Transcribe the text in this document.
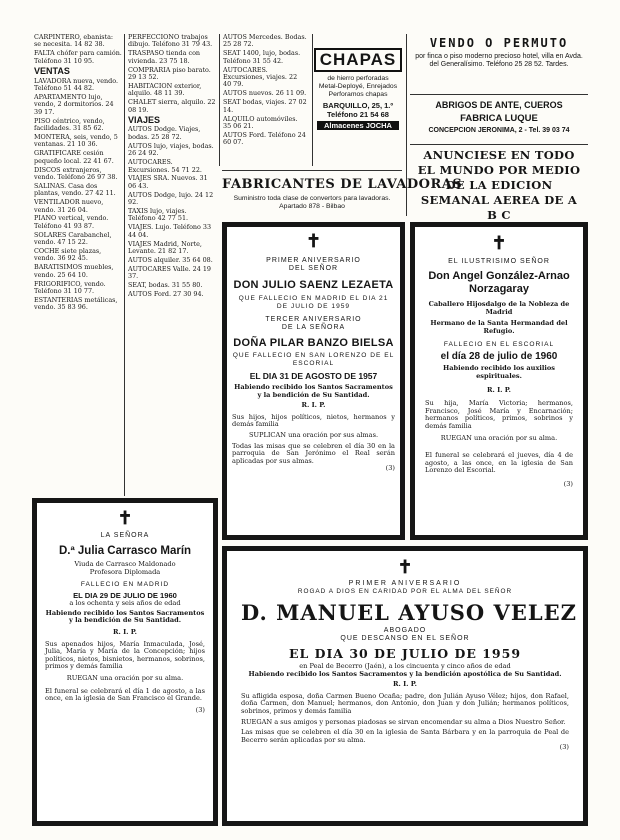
CARPINTERO, ebanista: se necesita. 14 82 38.

FALTA chófer para camión. Teléfono 31 10 95.

VENTAS

LAVADORA nueva, vendo. Teléfono 51 44 82.

APARTAMENTO lujo, vendo, 2 dormitorios. 24 39 17.

PISO céntrico, vendo, facilidades. 31 85 62.

MONTERA, seis, vendo, 5 ventanas. 21 10 36.

GRATIFICARE cesión pequeño local. 22 41 67.

DISCOS extranjeros, vendo. Teléfono 26 97 38.

SALINAS. Casa dos plantas, vendo. 27 42 11.

VENTILADOR nuevo, vendo. 31 26 04.

PIANO vertical, vendo. Teléfono 41 93 87.

SOLARES Carabanchel, vendo. 47 15 22.

COCHE siete plazas, vendo. 36 92 45.

BARATISIMOS muebles, vendo. 25 64 10.

FRIGORIFICO, vendo. Teléfono 31 10 77.

ESTANTERIAS metálicas, vendo. 35 83 96.

PERFECCIONO trabajos dibujo. Teléfono 31 79 43.

TRASPASO tienda con vivienda. 23 75 18.

COMPRARIA piso barato. 29 13 52.

HABITACION exterior, alquilo. 48 11 39.

CHALET sierra, alquilo. 22 08 19.

VIAJES

AUTOS Dodge. Viajes, bodas. 25 28 72.

AUTOS lujo, viajes, bodas. 26 24 92.

AUTOCARES. Excursiones. 54 71 22.

VIAJES SRA. Nuevos. 31 06 43.

AUTOS Dodge, lujo. 24 12 92.

TAXIS lujo, viajes. Teléfono 42 77 51.

VIAJES. Lujo. Teléfono 33 44 04.

VIAJES Madrid, Norte, Levante. 21 82 17.

AUTOS alquiler. 35 64 08.

AUTOCARES Valle. 24 19 37.

SEAT, bodas. 31 55 80.

AUTOS Ford. 27 30 94.

AUTOS Mercedes. Bodas. 25 28 72.

SEAT 1400, lujo, bodas. Teléfono 31 55 42.

AUTOCARES. Excursiones, viajes. 22 40 79.

AUTOS nuevos. 26 11 09.

SEAT bodas, viajes. 27 02 14.

ALQUILO automóviles. 35 06 21.

AUTOS Ford. Teléfono 24 60 07.

CHAPAS
de hierro perforadas
Metal-Deployé, Enrejados
Perforamos chapas
BARQUILLO, 25, 1.º
Teléfono 21 54 68
Almacenes JOCHA
FABRICANTES DE LAVADORAS
Suministro toda clase de convertors para lavadoras. Apartado 878 - Bilbao
VENDO O PERMUTO
por finca o piso moderno precioso hotel, villa en Avda. del Generalísimo. Teléfono 25 28 52. Tardes.
ABRIGOS DE ANTE, CUEROS
FABRICA LUQUE
CONCEPCION JERONIMA, 2 - Tel. 39 03 74
ANUNCIESE EN TODO EL MUNDO POR MEDIO DE LA EDICION SEMANAL AEREA DE A B C
✝
PRIMER ANIVERSARIO
DEL SEÑOR
DON JULIO SAENZ LEZAETA
QUE FALLECIO EN MADRID EL DIA 21 DE JULIO DE 1959
TERCER ANIVERSARIO
DE LA SEÑORA
DOÑA PILAR BANZO BIELSA
QUE FALLECIO EN SAN LORENZO DE EL ESCORIAL
EL DIA 31 DE AGOSTO DE 1957
Habiendo recibido los Santos Sacramentos y la bendición de Su Santidad.
R. I. P.
Sus hijos, hijos políticos, nietos, hermanos y demás familia
SUPLICAN una oración por sus almas.
Todas las misas que se celebren el día 30 en la parroquia de San Jerónimo el Real serán aplicadas por sus almas.
(3)
✝
EL ILUSTRISIMO SEÑOR
Don Angel González-Arnao Norzagaray
Caballero Hijosdalgo de la Nobleza de Madrid
Hermano de la Santa Hermandad del Refugio.
FALLECIO EN EL ESCORIAL
el día 28 de julio de 1960
Habiendo recibido los auxilios espirituales.
R. I. P.
Su hija, María Victoria; hermanos, Francisco, José María y Encarnación; hermanos políticos, primos, sobrinos y demás familia
RUEGAN una oración por su alma.
El funeral se celebrará el jueves, día 4 de agosto, a las once, en la iglesia de San Lorenzo del Escorial.
(3)
✝
LA SEÑORA
D.ª Julia Carrasco Marín
Viuda de Carrasco Maldonado
Profesora Diplomada
FALLECIO EN MADRID
EL DIA 29 DE JULIO DE 1960
a los ochenta y seis años de edad
Habiendo recibido los Santos Sacramentos y la bendición de Su Santidad.
R. I. P.
Sus apenados hijos, María Inmaculada, José, Julia, María y María de la Concepción; hijos políticos, nietos, bisnietos, hermanos, sobrinos, primos y demás familia
RUEGAN una oración por su alma.
El funeral se celebrará el día 1 de agosto, a las once, en la iglesia de San Francisco el Grande.
(3)
✝
PRIMER ANIVERSARIO
ROGAD A DIOS EN CARIDAD POR EL ALMA DEL SEÑOR
D. MANUEL AYUSO VELEZ
ABOGADO
QUE DESCANSO EN EL SEÑOR
EL DIA 30 DE JULIO DE 1959
en Peal de Becerro (Jaén), a los cincuenta y cinco años de edad
Habiendo recibido los Santos Sacramentos y la bendición apostólica de Su Santidad.
R. I. P.
Su afligida esposa, doña Carmen Bueno Ocaña; padre, don Julián Ayuso Vélez; hijos, don Rafael, doña Carmen, don Manuel; hermanos, don Antonio, don Juan y don Julián; hermanos políticos, sobrinos, primos y demás familia
RUEGAN a sus amigos y personas piadosas se sirvan encomendar su alma a Dios Nuestro Señor.
Las misas que se celebren el día 30 en la iglesia de Santa Bárbara y en la parroquia de Peal de Becerro serán aplicadas por su alma.
(3)
